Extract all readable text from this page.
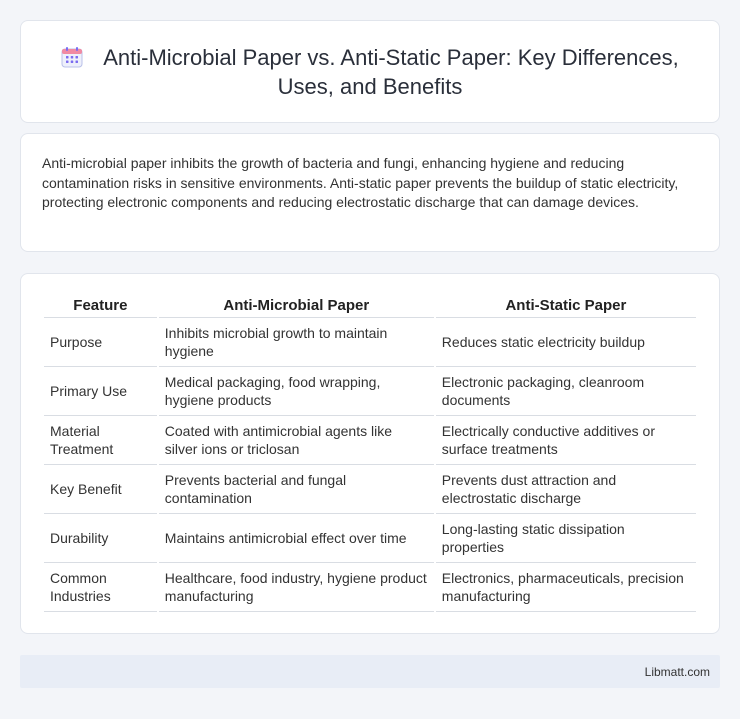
Anti-Microbial Paper vs. Anti-Static Paper: Key Differences, Uses, and Benefits

Anti-microbial paper inhibits the growth of bacteria and fungi, enhancing hygiene and reducing contamination risks in sensitive environments. Anti-static paper prevents the buildup of static electricity, protecting electronic components and reducing electrostatic discharge that can damage devices.

Feature	Anti-Microbial Paper	Anti-Static Paper
Purpose	Inhibits microbial growth to maintain hygiene	Reduces static electricity buildup
Primary Use	Medical packaging, food wrapping, hygiene products	Electronic packaging, cleanroom documents
Material Treatment	Coated with antimicrobial agents like silver ions or triclosan	Electrically conductive additives or surface treatments
Key Benefit	Prevents bacterial and fungal contamination	Prevents dust attraction and electrostatic discharge
Durability	Maintains antimicrobial effect over time	Long-lasting static dissipation properties
Common Industries	Healthcare, food industry, hygiene product manufacturing	Electronics, pharmaceuticals, precision manufacturing
Libmatt.com
